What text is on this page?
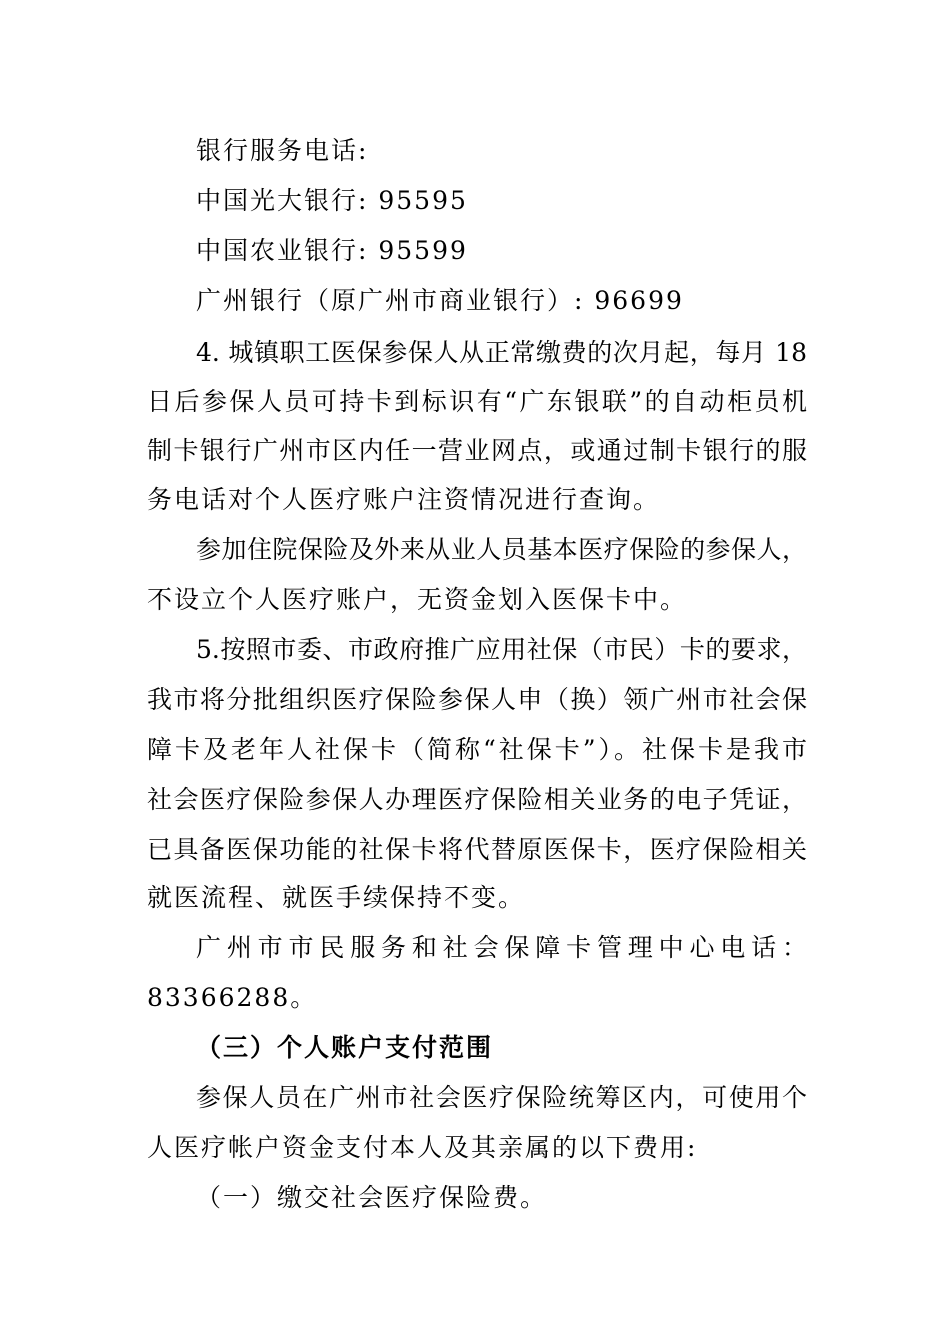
银行服务电话:
中国光大银行: 95595
中国农业银行: 95599
广州银行（原广州市商业银行）: 96699
4. 城镇职工医保参保人从正常缴费的次月起，每月 18
日后参保人员可持卡到标识有“广东银联”的自动柜员机
制卡银行广州市区内任一营业网点，或通过制卡银行的服
务电话对个人医疗账户注资情况进行查询。
参加住院保险及外来从业人员基本医疗保险的参保人，
不设立个人医疗账户，无资金划入医保卡中。
5.按照市委、市政府推广应用社保（市民）卡的要求，
我市将分批组织医疗保险参保人申（换）领广州市社会保
障卡及老年人社保卡（简称“社保卡”）。社保卡是我市
社会医疗保险参保人办理医疗保险相关业务的电子凭证，
已具备医保功能的社保卡将代替原医保卡，医疗保险相关
就医流程、就医手续保持不变。
广州市市民服务和社会保障卡管理中心电话：
83366288。
（三）个人账户支付范围
参保人员在广州市社会医疗保险统筹区内，可使用个
人医疗帐户资金支付本人及其亲属的以下费用:
（一）缴交社会医疗保险费。
